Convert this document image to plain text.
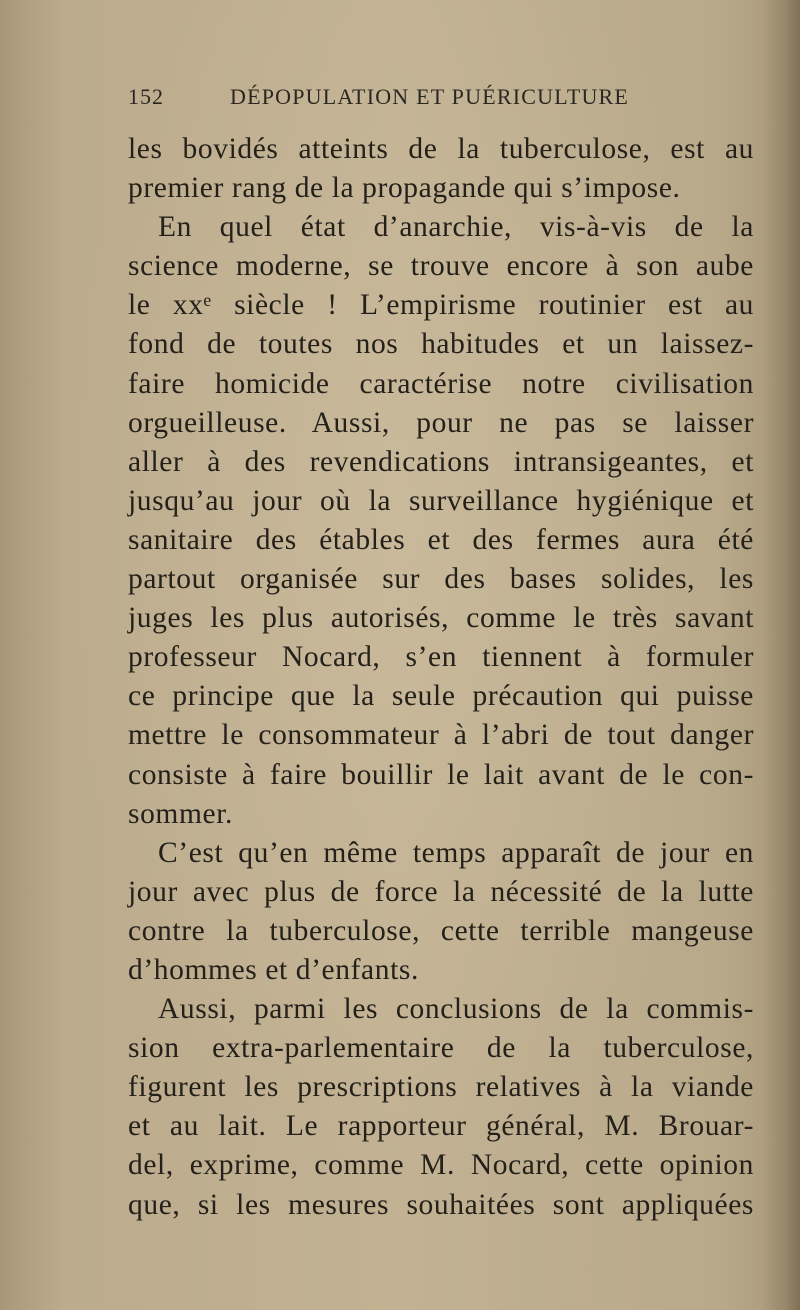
152	DÉPOPULATION ET PUÉRICULTURE
les bovidés atteints de la tuberculose, est au
premier rang de la propagande qui s’impose.
En quel état d’anarchie, vis-à-vis de la
science moderne, se trouve encore à son aube
le xxᵉ siècle ! L’empirisme routinier est au
fond de toutes nos habitudes et un laissez-
faire homicide caractérise notre civilisation
orgueilleuse. Aussi, pour ne pas se laisser
aller à des revendications intransigeantes, et
jusqu’au jour où la surveillance hygiénique et
sanitaire des étables et des fermes aura été
partout organisée sur des bases solides, les
juges les plus autorisés, comme le très savant
professeur Nocard, s’en tiennent à formuler
ce principe que la seule précaution qui puisse
mettre le consommateur à l’abri de tout danger
consiste à faire bouillir le lait avant de le con-
sommer.
C’est qu’en même temps apparaît de jour en
jour avec plus de force la nécessité de la lutte
contre la tuberculose, cette terrible mangeuse
d’hommes et d’enfants.
Aussi, parmi les conclusions de la commis-
sion extra-parlementaire de la tuberculose,
figurent les prescriptions relatives à la viande
et au lait. Le rapporteur général, M. Brouar-
del, exprime, comme M. Nocard, cette opinion
que, si les mesures souhaitées sont appliquées
